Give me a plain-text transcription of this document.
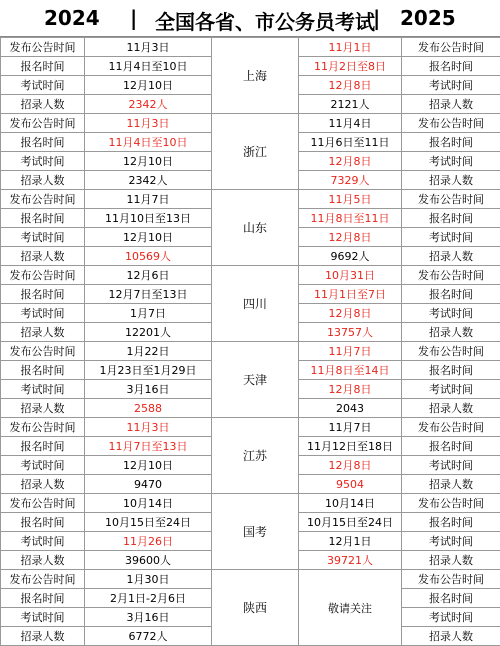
2024 | 全国各省、市公务员考试
| 2025
发布公告时间	11月3日	上海	11月1日	发布公告时间
报名时间	11月4日至10日		11月2日至8日	报名时间
考试时间	12月10日		12月8日	考试时间
招录人数	2342人		2121人	招录人数
发布公告时间	11月3日	浙江	11月4日	发布公告时间
报名时间	11月4日至10日		11月6日至11日	报名时间
考试时间	12月10日		12月8日	考试时间
招录人数	2342人		7329人	招录人数
发布公告时间	11月7日	山东	11月5日	发布公告时间
报名时间	11月10日至13日		11月8日至11日	报名时间
考试时间	12月10日		12月8日	考试时间
招录人数	10569人		9692人	招录人数
发布公告时间	12月6日	四川	10月31日	发布公告时间
报名时间	12月7日至13日		11月1日至7日	报名时间
考试时间	1月7日		12月8日	考试时间
招录人数	12201人		13757人	招录人数
发布公告时间	1月22日	天津	11月7日	发布公告时间
报名时间	1月23日至1月29日		11月8日至14日	报名时间
考试时间	3月16日		12月8日	考试时间
招录人数	2588		2043	招录人数
发布公告时间	11月3日	江苏	11月7日	发布公告时间
报名时间	11月7日至13日		11月12日至18日	报名时间
考试时间	12月10日		12月8日	考试时间
招录人数	9470		9504	招录人数
发布公告时间	10月14日	国考	10月14日	发布公告时间
报名时间	10月15日至24日		10月15日至24日	报名时间
考试时间	11月26日		12月1日	考试时间
招录人数	39600人		39721人	招录人数
发布公告时间	1月30日	陕西	敬请关注	发布公告时间
报名时间	2月1日-2月6日			报名时间
考试时间	3月16日			考试时间
招录人数	6772人			招录人数
